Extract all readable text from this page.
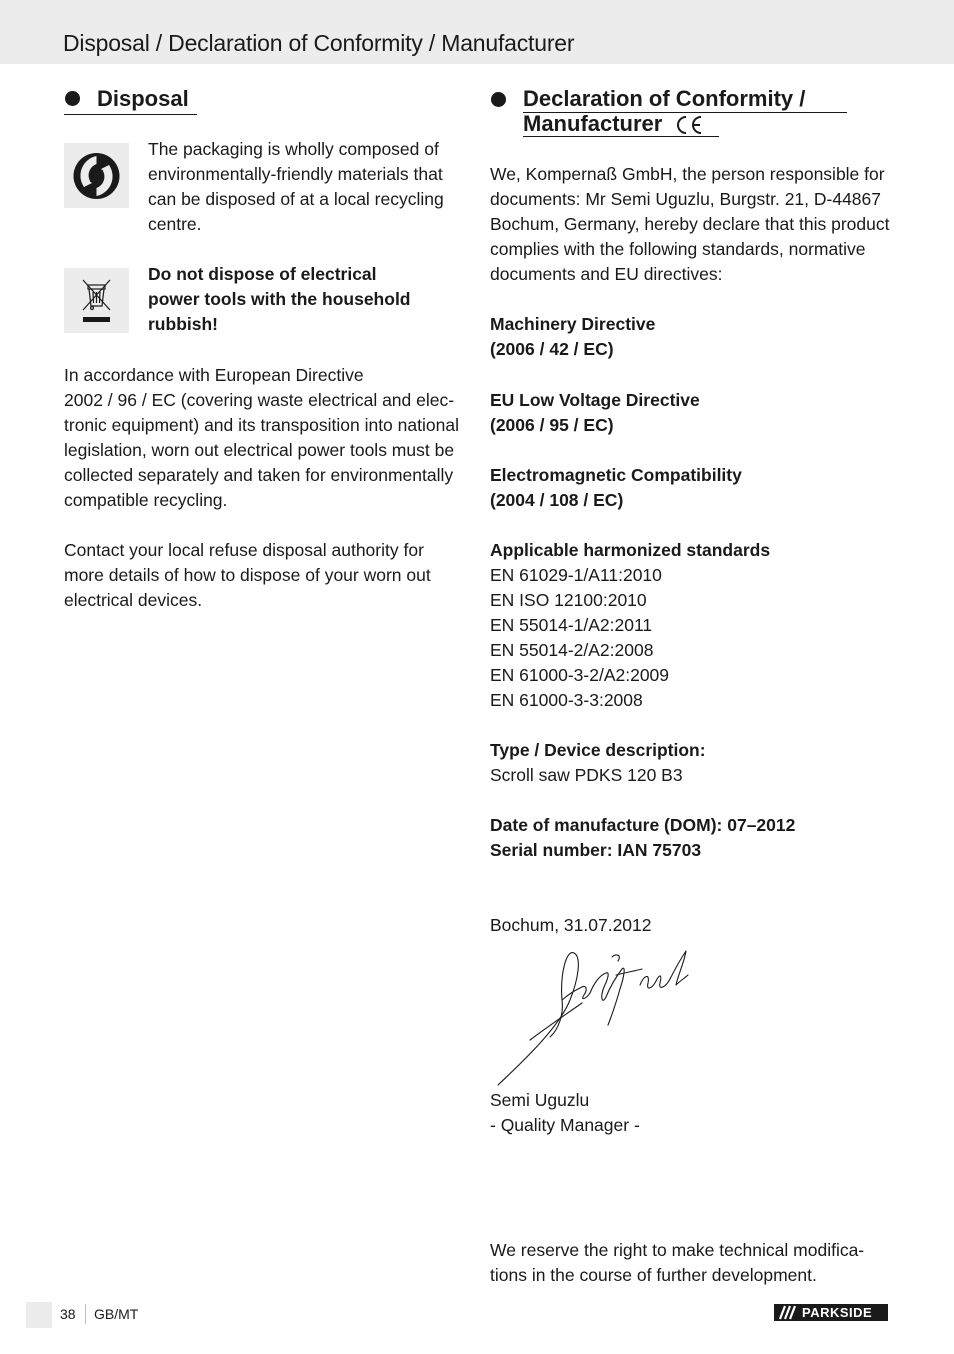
Disposal / Declaration of Conformity / Manufacturer
Disposal
The packaging is wholly composed of
environmentally-friendly materials that
can be disposed of at a local recycling
centre.
Do not dispose of electrical
power tools with the household
rubbish!
In accordance with European Directive
2002 / 96 / EC (covering waste electrical and elec-
tronic equipment) and its transposition into national
legislation, worn out electrical power tools must be
collected separately and taken for environmentally
compatible recycling.
Contact your local refuse disposal authority for
more details of how to dispose of your worn out
electrical devices.
Declaration of Conformity /
Manufacturer
We, Kompernaß GmbH, the person responsible for
documents: Mr Semi Uguzlu, Burgstr. 21, D-44867
Bochum, Germany, hereby declare that this product
complies with the following standards, normative
documents and EU directives:
Machinery Directive
(2006 / 42 / EC)
EU Low Voltage Directive
(2006 / 95 / EC)
Electromagnetic Compatibility
(2004 / 108 / EC)
Applicable harmonized standards
EN 61029-1/A11:2010
EN ISO 12100:2010
EN 55014-1/A2:2011
EN 55014-2/A2:2008
EN 61000-3-2/A2:2009
EN 61000-3-3:2008
Type / Device description:
Scroll saw PDKS 120 B3
Date of manufacture (DOM): 07–2012
Serial number: IAN 75703
Bochum, 31.07.2012
Semi Uguzlu
- Quality Manager -
We reserve the right to make technical modifica-
tions in the course of further development.
38 GB/MT	PARKSIDE
